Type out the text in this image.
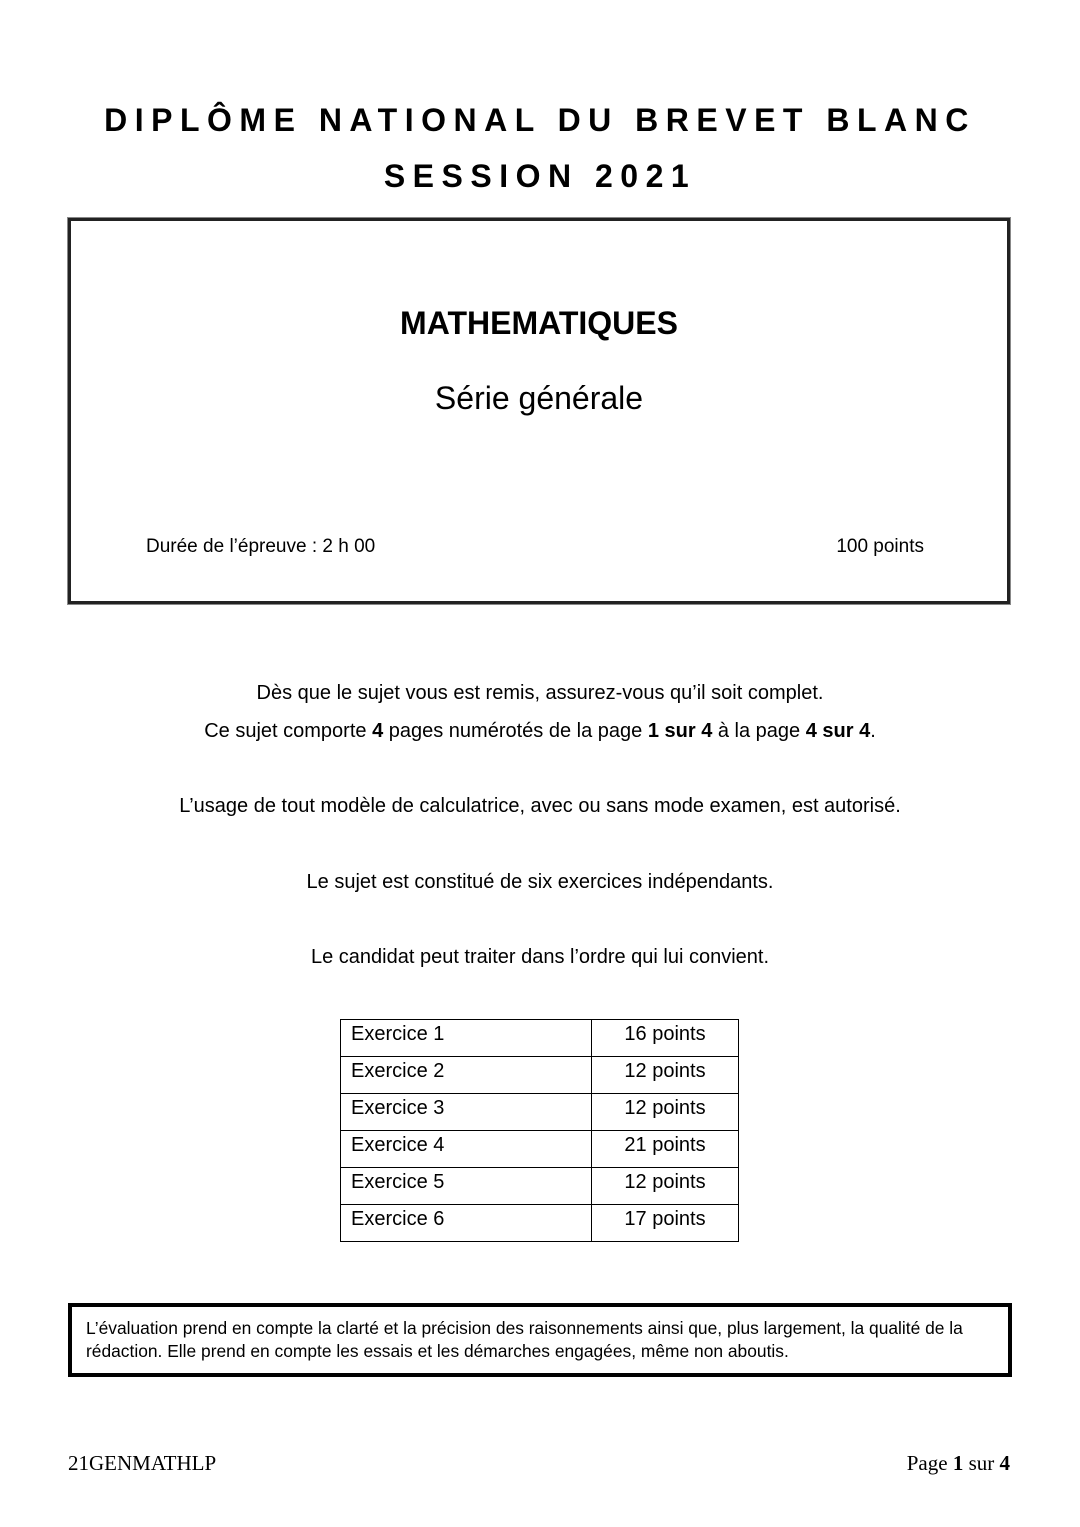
DIPLÔME NATIONAL DU BREVET BLANC
SESSION 2021
MATHEMATIQUES
Série générale
Durée de l’épreuve : 2 h 00	100 points
Dès que le sujet vous est remis, assurez-vous qu’il soit complet.
Ce sujet comporte 4 pages numérotés de la page 1 sur 4 à la page 4 sur 4.
L’usage de tout modèle de calculatrice, avec ou sans mode examen, est autorisé.
Le sujet est constitué de six exercices indépendants.
Le candidat peut traiter dans l’ordre qui lui convient.
Exercice 1	16 points
Exercice 2	12 points
Exercice 3	12 points
Exercice 4	21 points
Exercice 5	12 points
Exercice 6	17 points
L’évaluation prend en compte la clarté et la précision des raisonnements ainsi que, plus largement, la qualité de la rédaction. Elle prend en compte les essais et les démarches engagées, même non aboutis.
21GENMATHLP	Page 1 sur 4
